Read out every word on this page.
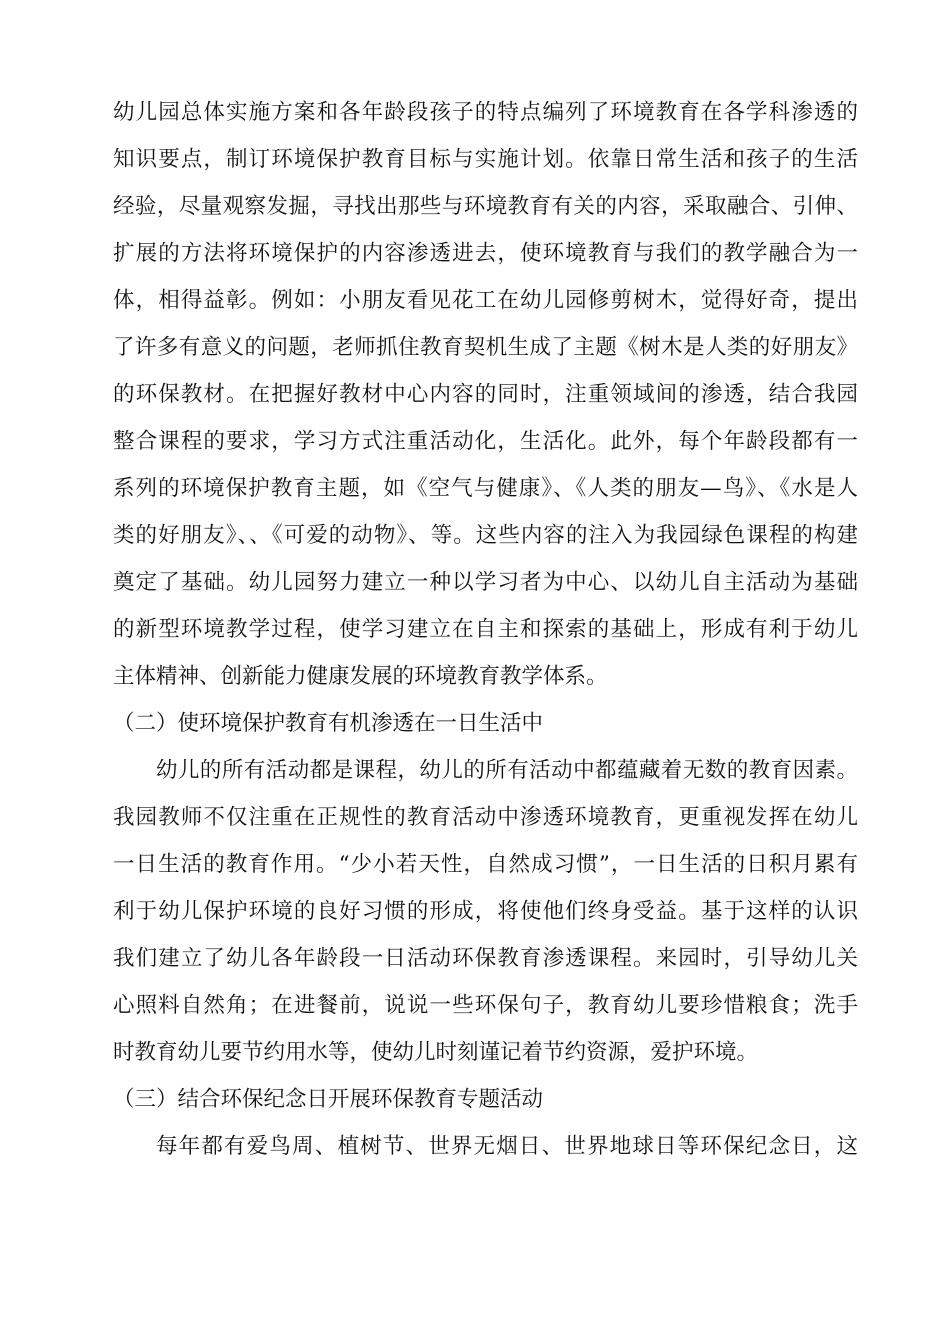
幼儿园总体实施方案和各年龄段孩子的特点编列了环境教育在各学科渗透的
知识要点，制订环境保护教育目标与实施计划。依靠日常生活和孩子的生活
经验，尽量观察发掘，寻找出那些与环境教育有关的内容，采取融合、引伸、
扩展的方法将环境保护的内容渗透进去，使环境教育与我们的教学融合为一
体，相得益彰。例如：小朋友看见花工在幼儿园修剪树木，觉得好奇，提出
了许多有意义的问题，老师抓住教育契机生成了主题《树木是人类的好朋友》
的环保教材。在把握好教材中心内容的同时，注重领域间的渗透，结合我园
整合课程的要求，学习方式注重活动化，生活化。此外，每个年龄段都有一
系列的环境保护教育主题，如《空气与健康》、《人类的朋友—鸟》、《水是人
类的好朋友》、、《可爱的动物》、等。这些内容的注入为我园绿色课程的构建
奠定了基础。幼儿园努力建立一种以学习者为中心、以幼儿自主活动为基础
的新型环境教学过程，使学习建立在自主和探索的基础上，形成有利于幼儿
主体精神、创新能力健康发展的环境教育教学体系。
（二）使环境保护教育有机渗透在一日生活中
幼儿的所有活动都是课程，幼儿的所有活动中都蕴藏着无数的教育因素。
我园教师不仅注重在正规性的教育活动中渗透环境教育，更重视发挥在幼儿
一日生活的教育作用。“少小若天性，自然成习惯”，一日生活的日积月累有
利于幼儿保护环境的良好习惯的形成，将使他们终身受益。基于这样的认识
我们建立了幼儿各年龄段一日活动环保教育渗透课程。来园时，引导幼儿关
心照料自然角；在进餐前，说说一些环保句子，教育幼儿要珍惜粮食；洗手
时教育幼儿要节约用水等，使幼儿时刻谨记着节约资源，爱护环境。
（三）结合环保纪念日开展环保教育专题活动
每年都有爱鸟周、植树节、世界无烟日、世界地球日等环保纪念日，这
